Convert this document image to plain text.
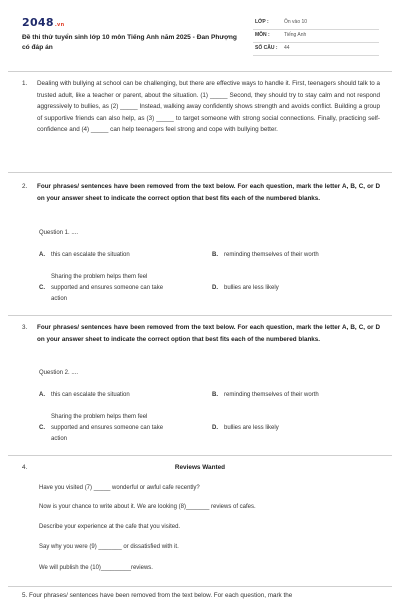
2048.vn
Đề thi thử tuyển sinh lớp 10 môn Tiếng Anh năm 2025 - Đan Phượng có đáp án
LỚP :	Ôn vào 10
MÔN :	Tiếng Anh
SỐ CÂU : 44
1. Dealing with bullying at school can be challenging, but there are effective ways to handle it. First, teenagers should talk to a trusted adult, like a teacher or parent, about the situation. (1) _____ Second, they should try to stay calm and not respond aggressively to bullies, as (2) _____ Instead, walking away confidently shows strength and avoids conflict. Building a group of supportive friends can also help, as (3) _____ to target someone with strong social connections. Finally, practicing self-confidence and (4) _____ can help teenagers feel strong and cope with bullying better.
2. Four phrases/ sentences have been removed from the text below. For each question, mark the letter A, B, C, or D on your answer sheet to indicate the correct option that best fits each of the numbered blanks.
Question 1. ....
A. this can escalate the situation	B. reminding themselves of their worth
C.
Sharing the problem helps them feel
supported and ensures someone can take
action
D. bullies are less likely
3. Four phrases/ sentences have been removed from the text below. For each question, mark the letter A, B, C, or D on your answer sheet to indicate the correct option that best fits each of the numbered blanks.
Question 2. ....
A. this can escalate the situation	B. reminding themselves of their worth
C.
Sharing the problem helps them feel
supported and ensures someone can take
action
D. bullies are less likely
4.	Reviews Wanted
Have you visited (7) _____ wonderful or awful cafe recently?
Now is your chance to write about it. We are looking (8)_______ reviews of cafes.
Describe your experience at the cafe that you visited.
Say why you were (9) _______ or dissatisfied with it.
We will publish the (10)_________reviews.
5. Four phrases/ sentences have been removed from the text below. For each question, mark the
